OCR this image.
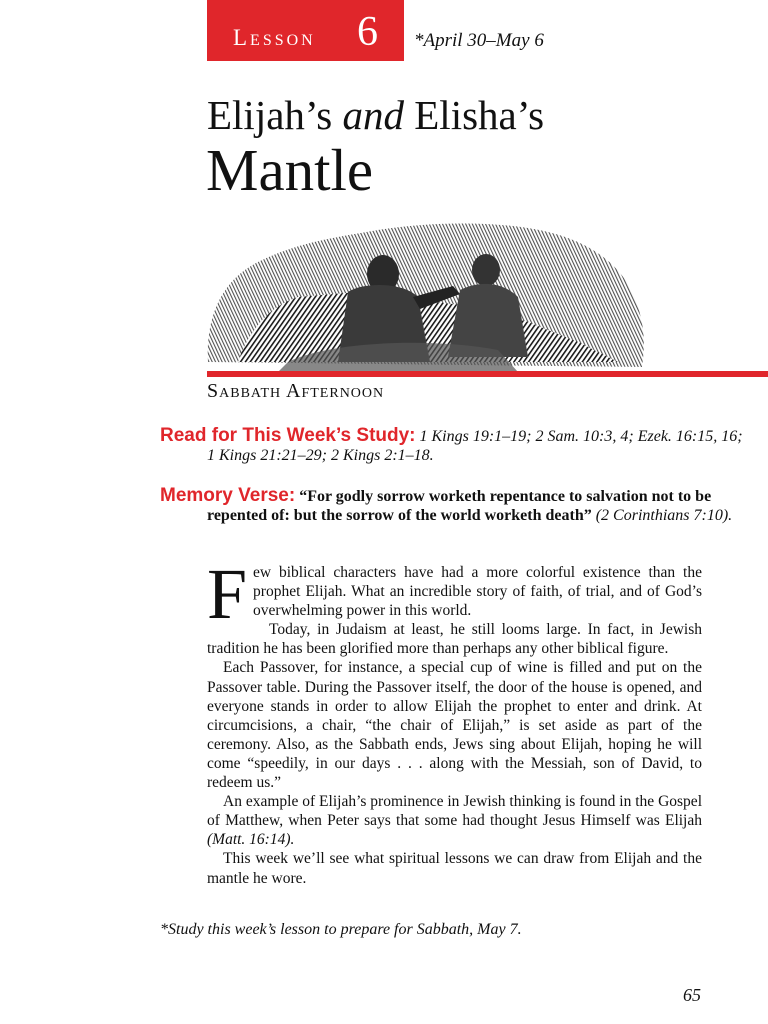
Lesson 6 *April 30–May 6
Elijah’s and Elisha’s
Mantle
Sabbath Afternoon
Read for This Week’s Study: 1 Kings 19:1–19; 2 Sam. 10:3, 4; Ezek. 16:15, 16; 1 Kings 21:21–29; 2 Kings 2:1–18.
Memory Verse: “For godly sorrow worketh repentance to salvation not to be repented of: but the sorrow of the world worketh death” (2 Corinthians 7:10).

Few biblical characters have had a more colorful existence than the prophet Elijah. What an incredible story of faith, of trial, and of God’s overwhelming power in this world.

Today, in Judaism at least, he still looms large. In fact, in Jewish tradition he has been glorified more than perhaps any other biblical figure.

Each Passover, for instance, a special cup of wine is filled and put on the Passover table. During the Passover itself, the door of the house is opened, and everyone stands in order to allow Elijah the prophet to enter and drink. At circumcisions, a chair, “the chair of Elijah,” is set aside as part of the ceremony. Also, as the Sabbath ends, Jews sing about Elijah, hoping he will come “speedily, in our days . . . along with the Messiah, son of David, to redeem us.”

An example of Elijah’s prominence in Jewish thinking is found in the Gospel of Matthew, when Peter says that some had thought Jesus Himself was Elijah (Matt. 16:14).

This week we’ll see what spiritual lessons we can draw from Elijah and the mantle he wore.

*Study this week’s lesson to prepare for Sabbath, May 7.
65
